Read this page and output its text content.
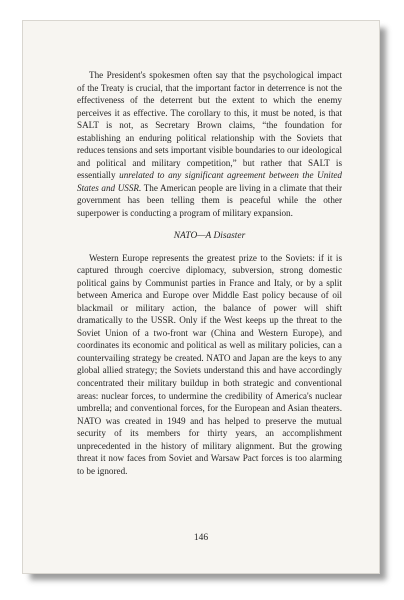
The President's spokesmen often say that the psychological impact of the Treaty is crucial, that the important factor in deterrence is not the effectiveness of the deterrent but the extent to which the enemy perceives it as effective. The corollary to this, it must be noted, is that SALT is not, as Secretary Brown claims, “the foundation for establishing an enduring political relationship with the Soviets that reduces tensions and sets important visible boundaries to our ideological and political and military competition,” but rather that SALT is essentially unrelated to any significant agreement between the United States and USSR. The American people are living in a climate that their government has been telling them is peaceful while the other superpower is conducting a program of military expansion.

NATO—A Disaster

Western Europe represents the greatest prize to the Soviets: if it is captured through coercive diplomacy, subversion, strong domestic political gains by Communist parties in France and Italy, or by a split between America and Europe over Middle East policy because of oil blackmail or military action, the balance of power will shift dramatically to the USSR. Only if the West keeps up the threat to the Soviet Union of a two-front war (China and Western Europe), and coordinates its economic and political as well as military policies, can a countervailing strategy be created. NATO and Japan are the keys to any global allied strategy; the Soviets understand this and have accordingly concentrated their military buildup in both strategic and conventional areas: nuclear forces, to undermine the credibility of America's nuclear umbrella; and conventional forces, for the European and Asian theaters. NATO was created in 1949 and has helped to preserve the mutual security of its members for thirty years, an accomplishment unprecedented in the history of military alignment. But the growing threat it now faces from Soviet and Warsaw Pact forces is too alarming to be ignored.

146
